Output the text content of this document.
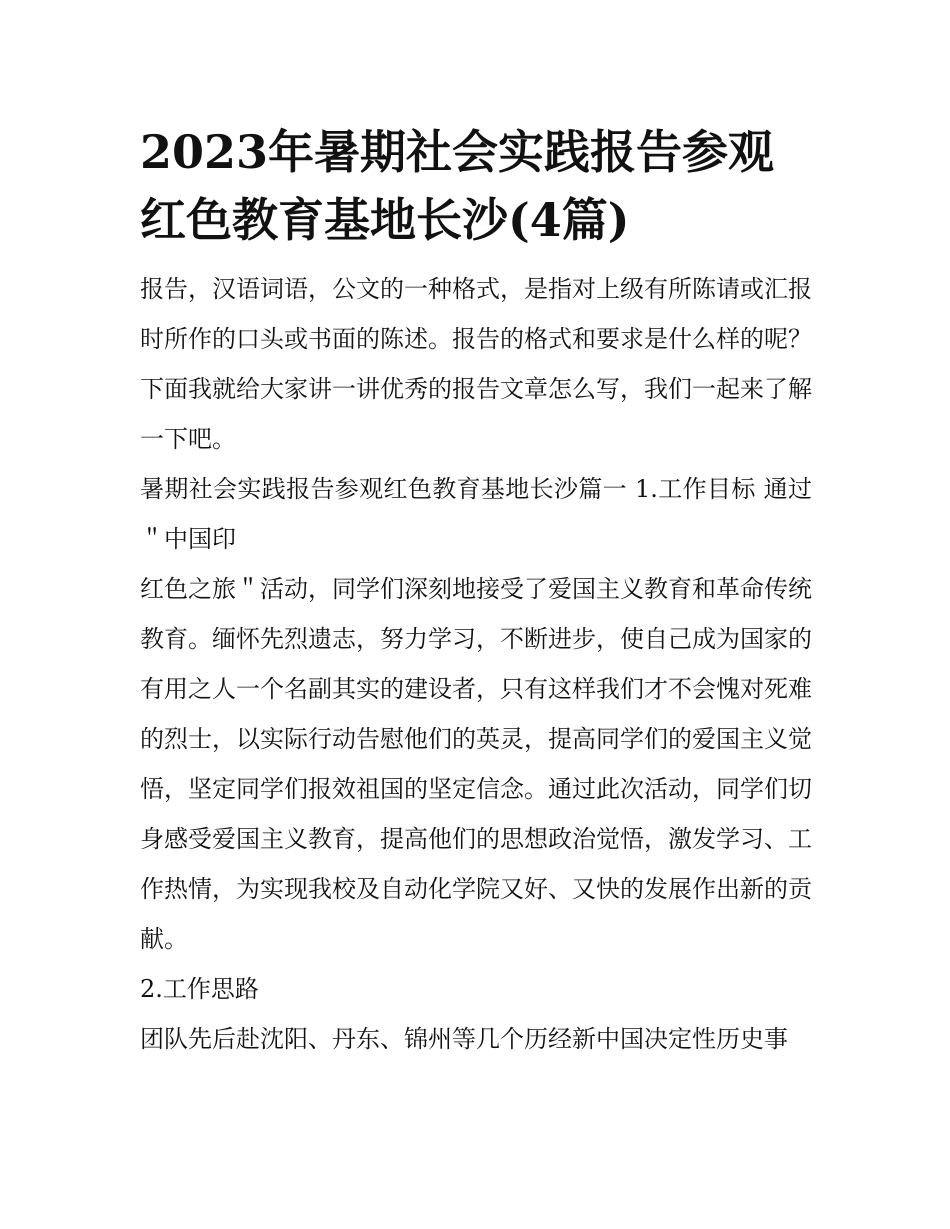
2023年暑期社会实践报告参观红色教育基地长沙(4篇)

报告，汉语词语，公文的一种格式，是指对上级有所陈请或汇报时所作的口头或书面的陈述。报告的格式和要求是什么样的呢？下面我就给大家讲一讲优秀的报告文章怎么写，我们一起来了解一下吧。

暑期社会实践报告参观红色教育基地长沙篇一 1.工作目标 通过＂中国印

红色之旅＂活动，同学们深刻地接受了爱国主义教育和革命传统教育。缅怀先烈遗志，努力学习，不断进步，使自己成为国家的有用之人一个名副其实的建设者，只有这样我们才不会愧对死难的烈士，以实际行动告慰他们的英灵，提高同学们的爱国主义觉悟，坚定同学们报效祖国的坚定信念。通过此次活动，同学们切身感受爱国主义教育，提高他们的思想政治觉悟，激发学习、工作热情，为实现我校及自动化学院又好、又快的发展作出新的贡献。

2.工作思路

团队先后赴沈阳、丹东、锦州等几个历经新中国决定性历史事
